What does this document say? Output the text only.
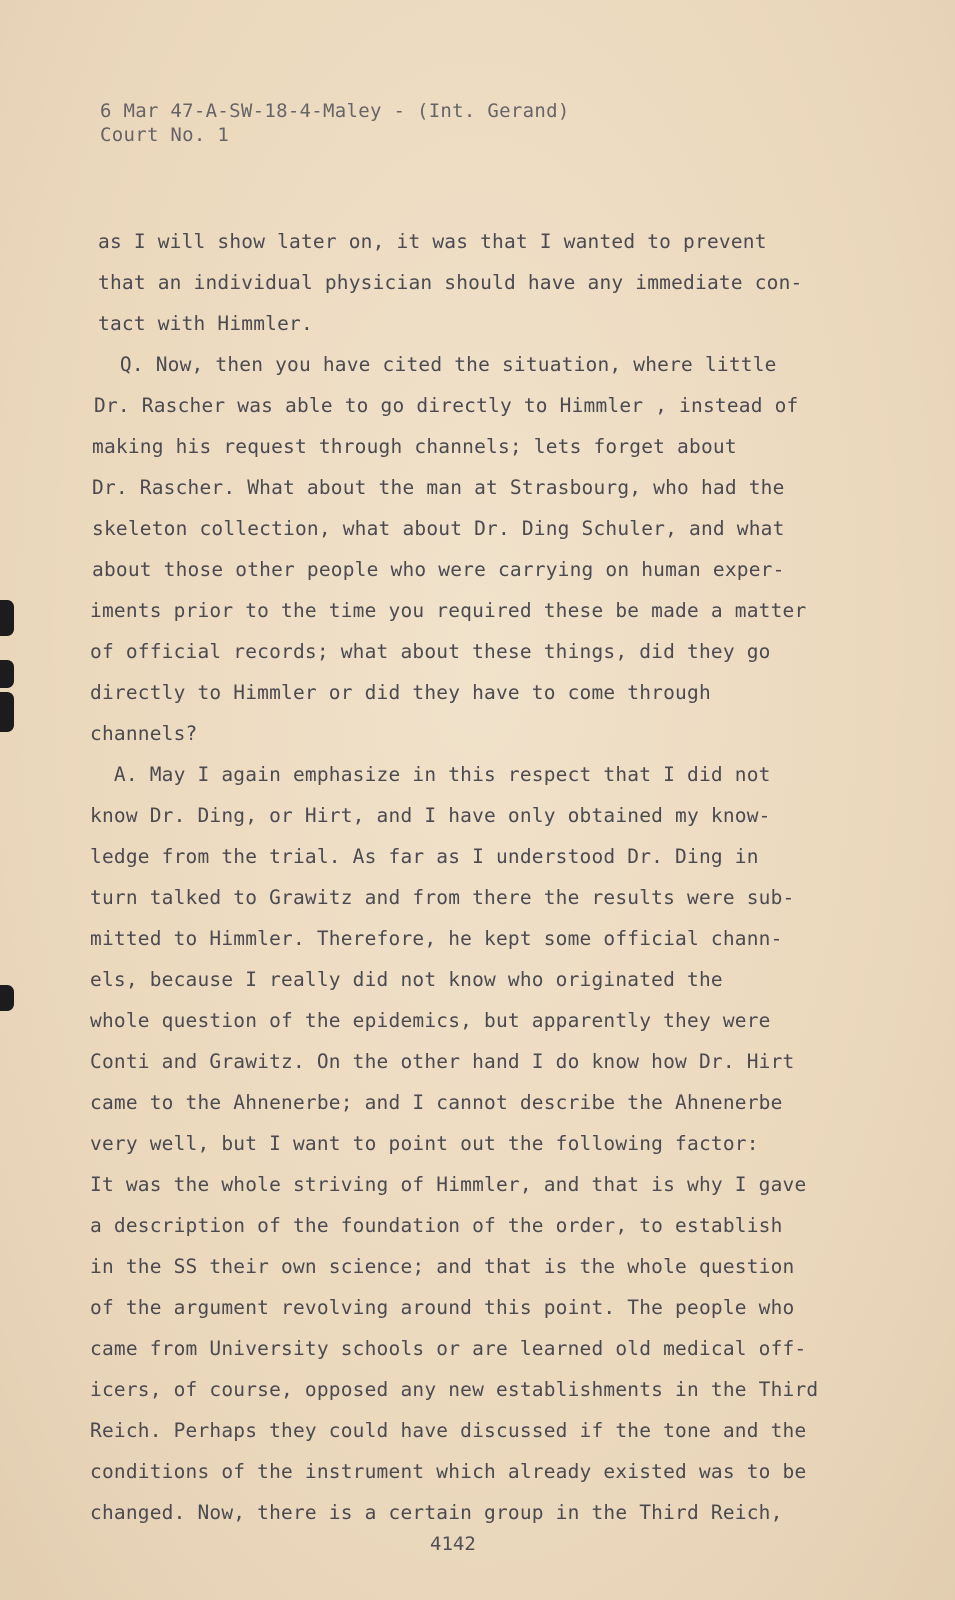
6 Mar 47-A-SW-18-4-Maley - (Int. Gerand)
Court No. 1
as I will show later on, it was that I wanted to prevent
that an individual physician should have any immediate con-
tact with Himmler.
Q. Now, then you have cited the situation, where little
Dr. Rascher was able to go directly to Himmler , instead of
making his request through channels; lets forget about
Dr. Rascher. What about the man at Strasbourg, who had the
skeleton collection, what about Dr. Ding Schuler, and what
about those other people who were carrying on human exper-
iments prior to the time you required these be made a matter
of official records; what about these things, did they go
directly to Himmler or did they have to come through
channels?
A. May I again emphasize in this respect that I did not
know Dr. Ding, or Hirt, and I have only obtained my know-
ledge from the trial. As far as I understood Dr. Ding in
turn talked to Grawitz and from there the results were sub-
mitted to Himmler. Therefore, he kept some official chann-
els, because I really did not know who originated the
whole question of the epidemics, but apparently they were
Conti and Grawitz. On the other hand I do know how Dr. Hirt
came to the Ahnenerbe; and I cannot describe the Ahnenerbe
very well, but I want to point out the following factor:
It was the whole striving of Himmler, and that is why I gave
a description of the foundation of the order, to establish
in the SS their own science; and that is the whole question
of the argument revolving around this point. The people who
came from University schools or are learned old medical off-
icers, of course, opposed any new establishments in the Third
Reich. Perhaps they could have discussed if the tone and the
conditions of the instrument which already existed was to be
changed. Now, there is a certain group in the Third Reich,
4142
